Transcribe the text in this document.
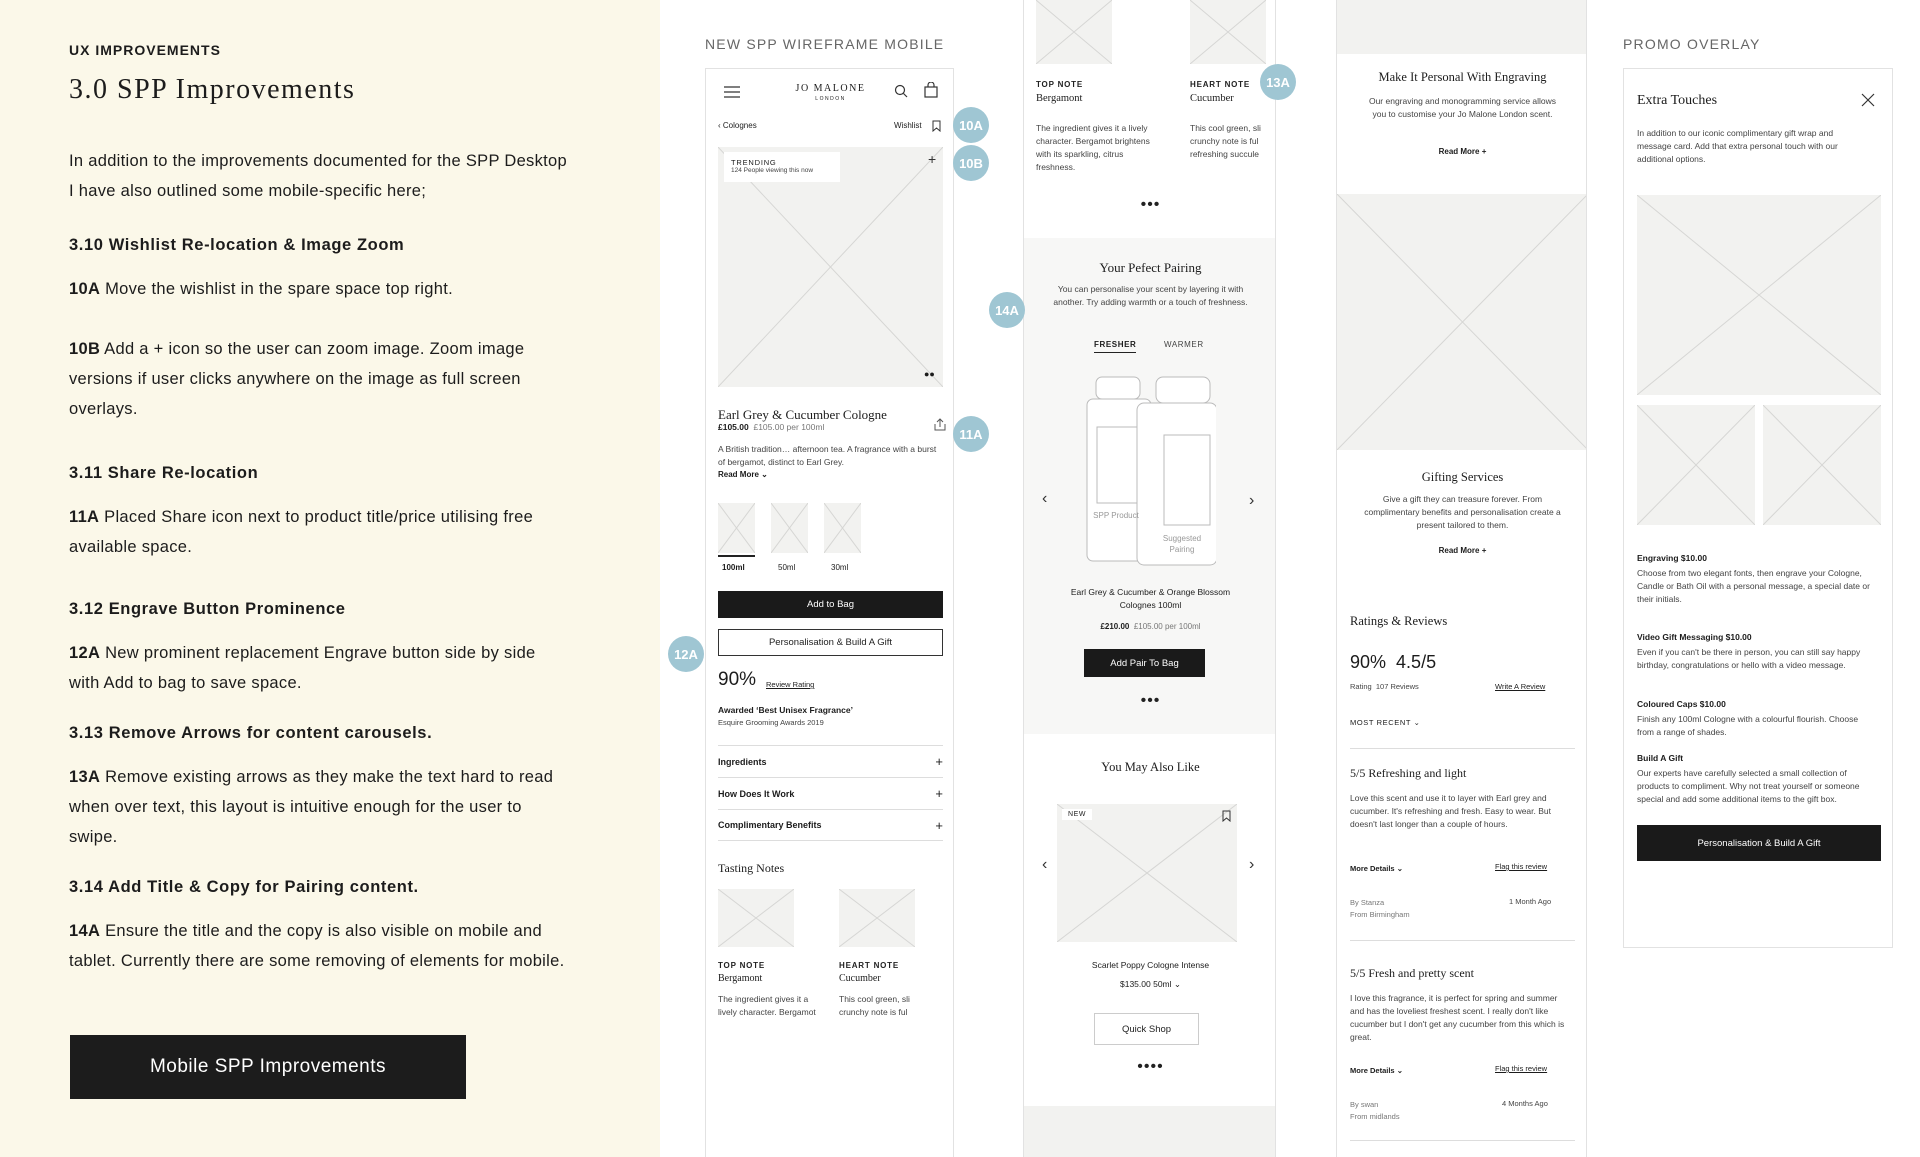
UX IMPROVEMENTS
3.0 SPP Improvements
In addition to the improvements documented for the SPP Desktop I have also outlined some mobile-specific here;
3.10 Wishlist Re-location & Image Zoom
10A Move the wishlist in the spare space top right.
10B Add a + icon so the user can zoom image. Zoom image versions if user clicks anywhere on the image as full screen overlays.
3.11 Share Re-location
11A Placed Share icon next to product title/price utilising free available space.
3.12 Engrave Button Prominence
12A New prominent replacement Engrave button side by side with Add to bag to save space.
3.13 Remove Arrows for content carousels.
13A Remove existing arrows as they make the text hard to read when over text, this layout is intuitive enough for the user to swipe.
3.14 Add Title & Copy for Pairing content.
14A Ensure the title and the copy is also visible on mobile and tablet. Currently there are some removing of elements for mobile.
Mobile SPP Improvements
NEW SPP WIREFRAME MOBILE	PROMO OVERLAY
JO MALONE
LONDON
‹ Colognes	Wishlist
TRENDING
124 People viewing this now
+
●●
Earl Grey & Cucumber Cologne
£105.00 £105.00 per 100ml
A British tradition… afternoon tea. A fragrance with a burst of bergamot, distinct to Earl Grey.
Read More ⌄
100ml	50ml	30ml
Add to Bag
Personalisation & Build A Gift
90% Review Rating
Awarded ‘Best Unisex Fragrance’
Esquire Grooming Awards 2019
Ingredients	+
How Does It Work	+
Complimentary Benefits	+
Tasting Notes
TOP NOTE
Bergamont
The ingredient gives it a lively character. Bergamot
HEART NOTE
Cucumber
This cool green, sli crunchy note is ful
TOP NOTE
Bergamont
The ingredient gives it a lively character. Bergamot brightens with its sparkling, citrus freshness.
HEART NOTE
Cucumber
This cool green, sli crunchy note is ful refreshing succule
•••
Your Pefect Pairing
You can personalise your scent by layering it with another. Try adding warmth or a touch of freshness.
FRESHER	WARMER
SPP Product
Suggested Pairing
‹	›
Earl Grey & Cucumber & Orange Blossom Colognes 100ml
£210.00 £105.00 per 100ml
Add Pair To Bag
•••
You May Also Like
NEW
‹	›
Scarlet Poppy Cologne Intense
$135.00 50ml ⌄
Quick Shop
••••
Make It Personal With Engraving
Our engraving and monogramming service allows you to customise your Jo Malone London scent.
Read More +
Gifting Services
Give a gift they can treasure forever. From complimentary benefits and personalisation create a present tailored to them.
Read More +
Ratings & Reviews
90% 4.5/5
Rating 107 Reviews	Write A Review
MOST RECENT ⌄
5/5 Refreshing and light
Love this scent and use it to layer with Earl grey and cucumber. It's refreshing and fresh. Easy to wear. But doesn't last longer than a couple of hours.
More Details ⌄	Flag this review
By Stanza
From Birmingham
1 Month Ago
5/5 Fresh and pretty scent
I love this fragrance, it is perfect for spring and summer and has the loveliest freshest scent. I really don't like cucumber but I don't get any cucumber from this which is great.
More Details ⌄	Flag this review
By swan
From midlands
4 Months Ago
Extra Touches
In addition to our iconic complimentary gift wrap and message card. Add that extra personal touch with our additional options.
Engraving $10.00
Choose from two elegant fonts, then engrave your Cologne, Candle or Bath Oil with a personal message, a special date or their initials.
Video Gift Messaging $10.00
Even if you can't be there in person, you can still say happy birthday, congratulations or hello with a video message.
Coloured Caps $10.00
Finish any 100ml Cologne with a colourful flourish. Choose from a range of shades.
Build A Gift
Our experts have carefully selected a small collection of products to compliment. Why not treat yourself or someone special and add some additional items to the gift box.
Personalisation & Build A Gift
10A
10B
11A
12A
13A
14A
